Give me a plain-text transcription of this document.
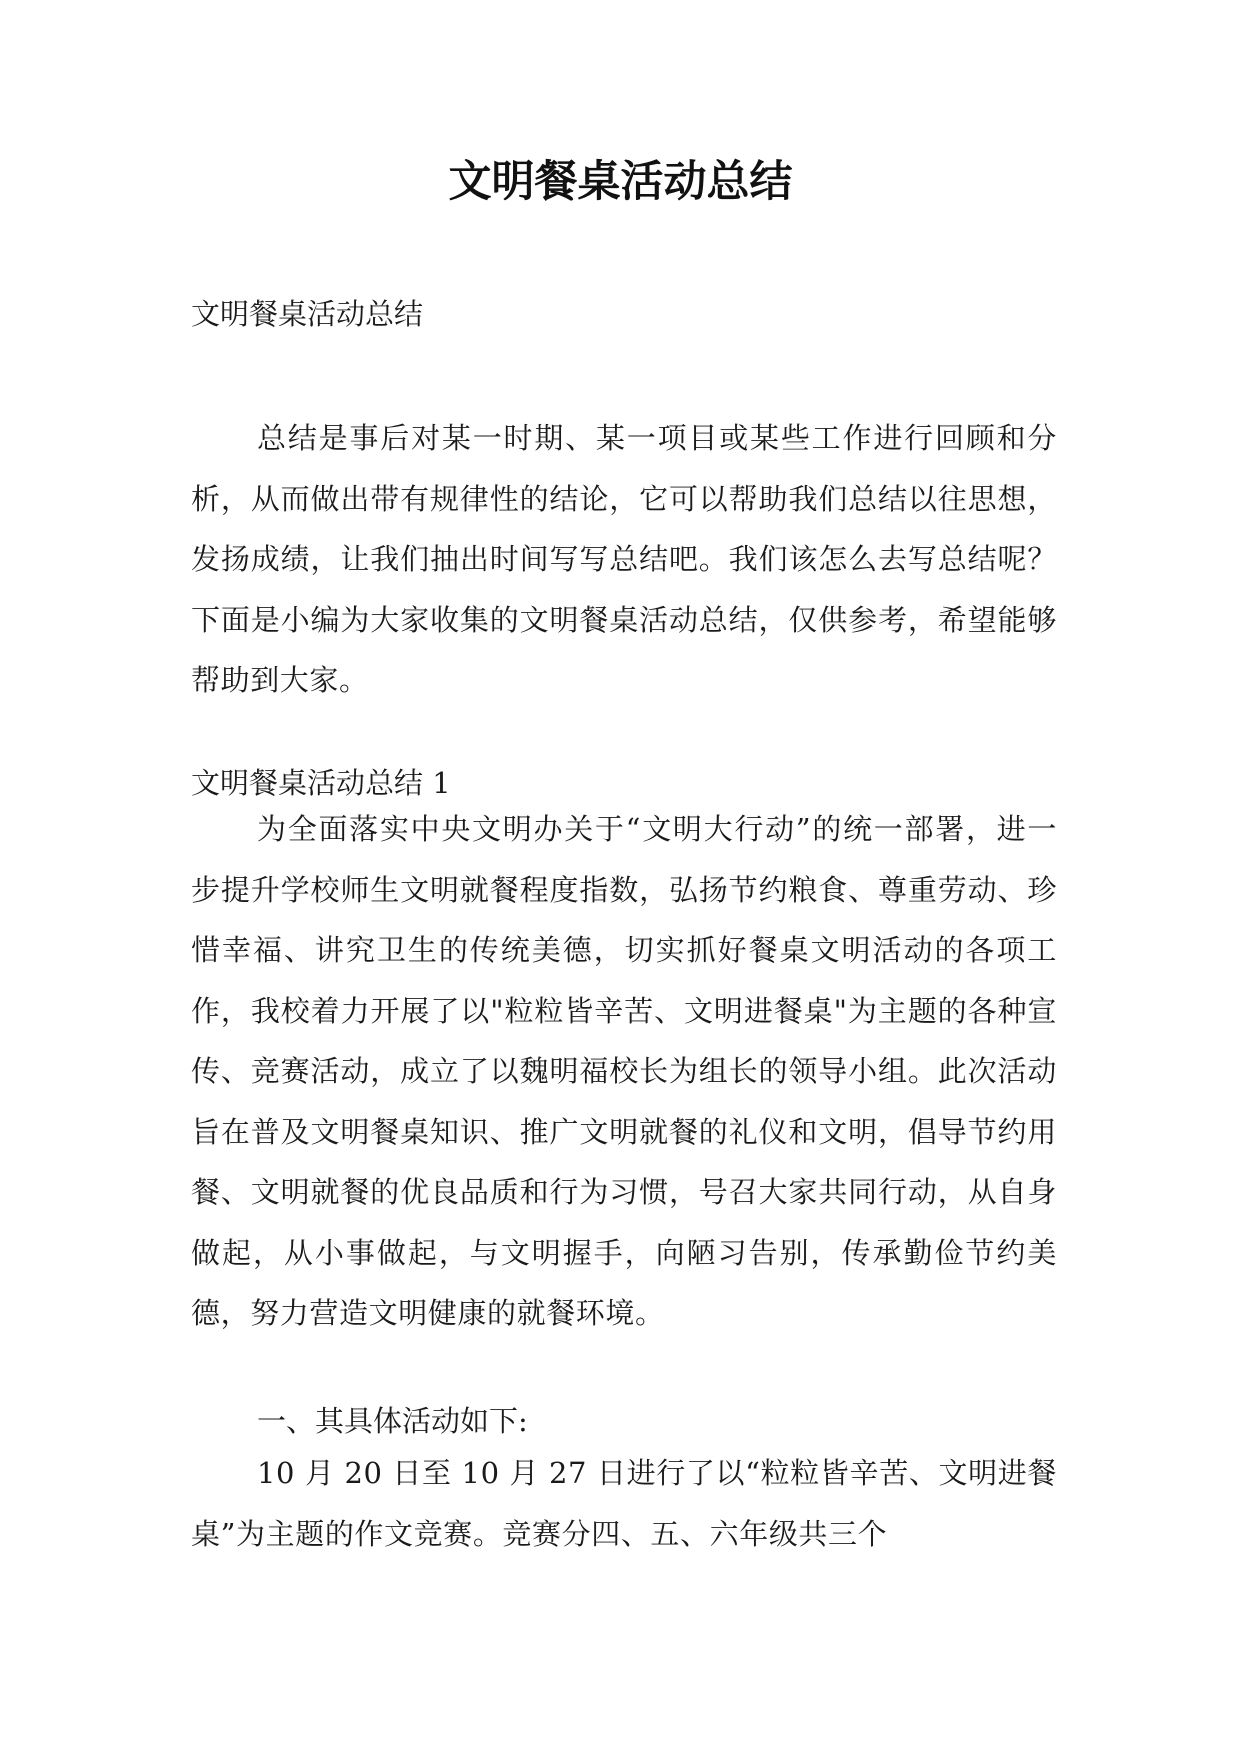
文明餐桌活动总结

文明餐桌活动总结

总结是事后对某一时期、某一项目或某些工作进行回顾和分析，从而做出带有规律性的结论，它可以帮助我们总结以往思想，发扬成绩，让我们抽出时间写写总结吧。我们该怎么去写总结呢？下面是小编为大家收集的文明餐桌活动总结，仅供参考，希望能够帮助到大家。

文明餐桌活动总结 1

为全面落实中央文明办关于“文明大行动”的统一部署，进一步提升学校师生文明就餐程度指数，弘扬节约粮食、尊重劳动、珍惜幸福、讲究卫生的传统美德，切实抓好餐桌文明活动的各项工作，我校着力开展了以"粒粒皆辛苦、文明进餐桌"为主题的各种宣传、竞赛活动，成立了以魏明福校长为组长的领导小组。此次活动旨在普及文明餐桌知识、推广文明就餐的礼仪和文明，倡导节约用餐、文明就餐的优良品质和行为习惯，号召大家共同行动，从自身做起，从小事做起，与文明握手，向陋习告别，传承勤俭节约美德，努力营造文明健康的就餐环境。

一、其具体活动如下:

10 月 20 日至 10 月 27 日进行了以“粒粒皆辛苦、文明进餐桌”为主题的作文竞赛。竞赛分四、五、六年级共三个
